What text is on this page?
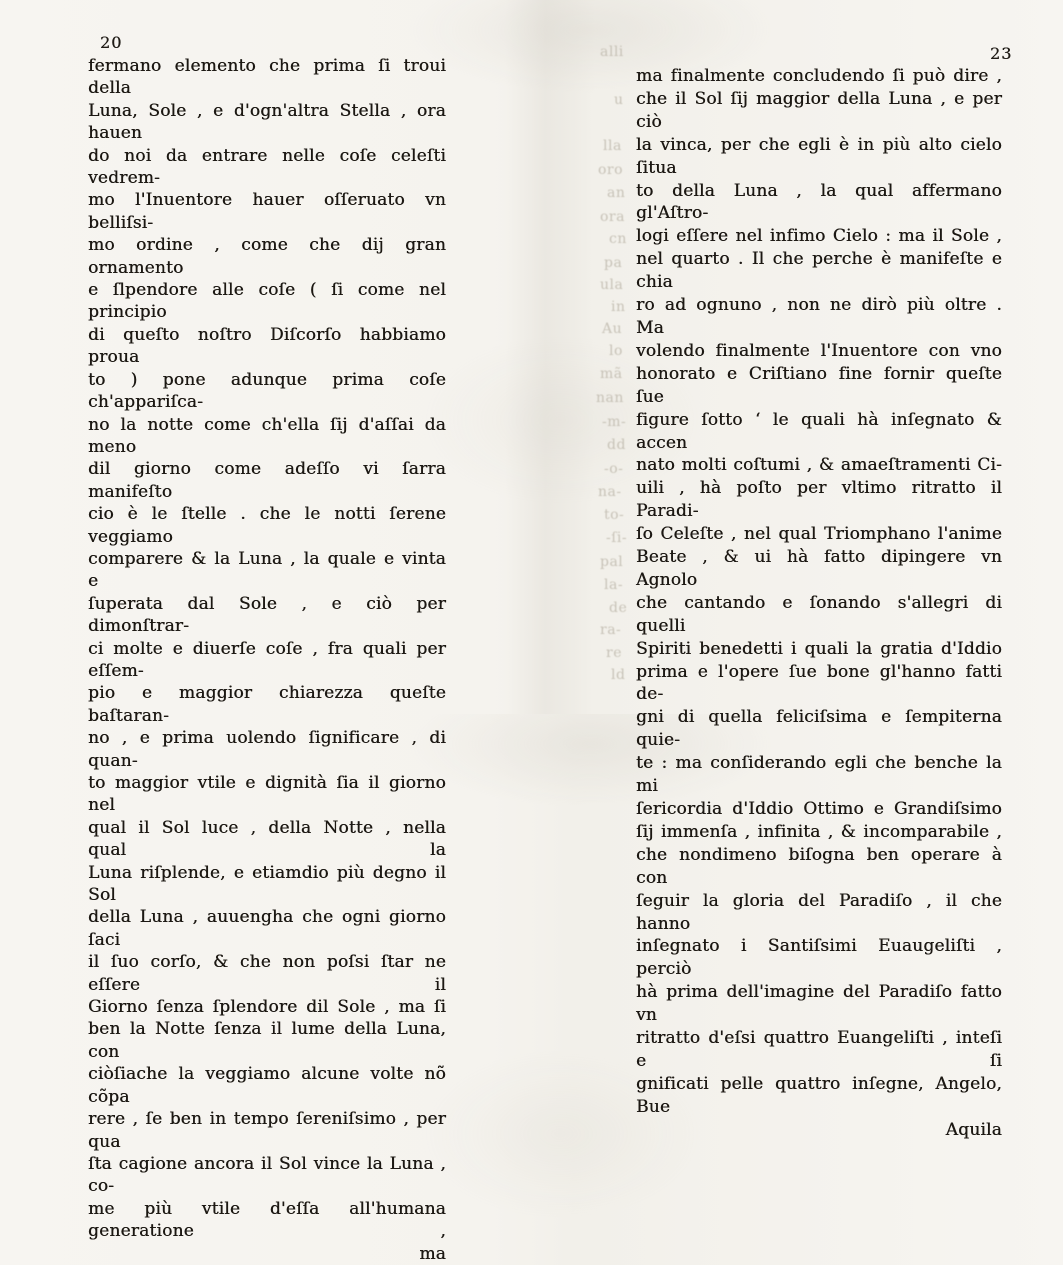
alli
u
lla
oro
an
ora
cn
pa
ula
in
Au
lo
mã
nan
-m-
dd
-o-
na-
to-
-ſi-
pal
la-
de
ra-
re
ld
20
23
fermano elemento che prima ſi troui della
Luna, Sole , e d'ogn'altra Stella , ora hauen
do noi da entrare nelle coſe celeſti vedrem-
mo l'Inuentore hauer oſſeruato vn belliſsi-
mo ordine , come che dij gran ornamento
e ſlpendore alle coſe ( ſi come nel principio
di queſto noſtro Diſcorſo habbiamo proua
to ) pone adunque prima coſe ch'appariſca-
no la notte come ch'ella ſij d'aſſai da meno
dil giorno come adeſſo vi ſarra manifeſto
cio è le ſtelle . che le notti ſerene veggiamo
comparere & la Luna , la quale e vinta e
ſuperata dal Sole , e ciò per dimonſtrar-
ci molte e diuerſe coſe , fra quali per eſſem-
pio e maggior chiarezza queſte baſtaran-
no , e prima uolendo ſignificare , di quan-
to maggior vtile e dignità ſia il giorno nel
qual il Sol luce , della Notte , nella qual la
Luna riſplende, e etiamdio più degno il Sol
della Luna , auuengha che ogni giorno ſaci
il ſuo corſo, & che non poſsi ſtar ne eſſere il
Giorno ſenza ſplendore dil Sole , ma ſi
ben la Notte ſenza il lume della Luna, con
ciòſiache la veggiamo alcune volte nõ cõpa
rere , ſe ben in tempo ſereniſsimo , per qua
ſta cagione ancora il Sol vince la Luna , co-
me più vtile d'eſſa all'humana generatione ,
ma
ma finalmente concludendo ſi può dire ,
che il Sol ſij maggior della Luna , e per ciò
la vinca, per che egli è in più alto cielo ſitua
to della Luna , la qual affermano gl'Aſtro-
logi eſſere nel infimo Cielo : ma il Sole ,
nel quarto . Il che perche è manifeſte e chia
ro ad ognuno , non ne dirò più oltre . Ma
volendo finalmente l'Inuentore con vno
honorato e Criſtiano fine fornir queſte ſue
figure ſotto ‘ le quali hà inſegnato & accen
nato molti coſtumi , & amaeſtramenti Ci-
uili , hà poſto per vltimo ritratto il Paradi-
ſo Celeſte , nel qual Triomphano l'anime
Beate , & ui hà fatto dipingere vn Agnolo
che cantando e ſonando s'allegri di quelli
Spiriti benedetti i quali la gratia d'Iddio
prima e l'opere ſue bone gl'hanno fatti de-
gni di quella feliciſsima e ſempiterna quie-
te : ma conſiderando egli che benche la mi
ſericordia d'Iddio Ottimo e Grandiſsimo
ſij immenſa , infinita , & incomparabile ,
che nondimeno biſogna ben operare à con
ſeguir la gloria del Paradiſo , il che hanno
inſegnato i Santiſsimi Euaugeliſti , perciò
hà prima dell'imagine del Paradiſo fatto vn
ritratto d'eſsi quattro Euangeliſti , inteſi e ſi
gnificati pelle quattro inſegne, Angelo, Bue
Aquila
